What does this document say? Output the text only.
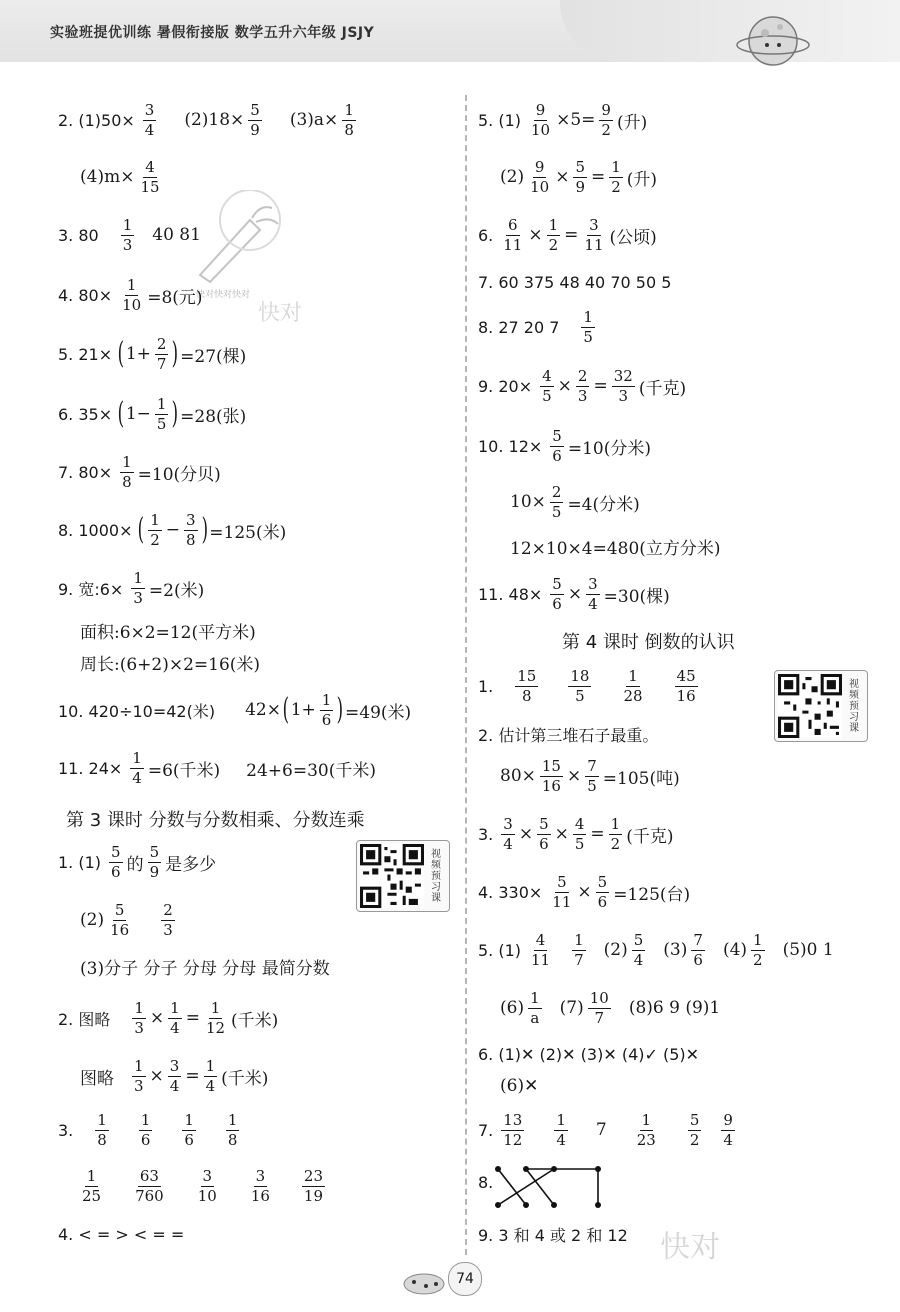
实验班提优训练 暑假衔接版 数学五升六年级 JSJY
2. $(1)50\times \frac{3}{4} (2)18\times \frac{5}{9} (3)a\times \frac{1}{8}$
$(4)m\times \frac{4}{15}$
3. $80 \frac{1}{3} 40$ 81
4. $80\times \frac{1}{10} =8$(元)
5. 21× ( $1+ \frac{2}{7}$ ) =27(棵)
6. 35× ( $1- \frac{1}{5}$ ) =28(张)
7. $80\times \frac{1}{8} =10$(分贝)
8. 1000× ( $\frac{1}{2} - \frac{3}{8}$ ) =125(米)
9. 宽:6× $\frac{1}{3} =2$(米)
面积:6×2=12(平方米)
周长:(6+2)×2=16(米)
10. 420÷10=42(米) 42× ( $1+ \frac{1}{6}$ ) =49(米)
11. $24\times \frac{1}{4} =6$(千米) 24+6=30(千米)
第 3 课时 分数与分数相乘、分数连乘
1. $(1) \frac{5}{6}$ 的 $\frac{5}{9}$ 是多少
视
频
预
习
课
$(2) \frac{5}{16} \frac{2}{3}$
(3)分子 分子 分母 分母 最简分数
2. 图略 $\frac{1}{3} \times \frac{1}{4} = \frac{1}{12}$ (千米)
图略 $\frac{1}{3} \times \frac{3}{4} = \frac{1}{4}$ (千米)
3. $\frac{1}{8} \frac{1}{6} \frac{1}{6} \frac{1}{8}$
$\frac{1}{25} \frac{63}{760} \frac{3}{10} \frac{3}{16} \frac{23}{19}$
4. < = > < = =
5. $(1) \frac{9}{10} \times 5= \frac{9}{2}$ (升)
$(2) \frac{9}{10} \times \frac{5}{9} = \frac{1}{2}$ (升)
6. $\frac{6}{11} \times \frac{1}{2} = \frac{3}{11}$ (公顷)
7. 60 375 48 40 70 50 5
8. 27 20 $7 \frac{1}{5}$
9. $20\times \frac{4}{5} \times \frac{2}{3} = \frac{32}{3}$ (千克)
10. $12\times \frac{5}{6} =10$(分米)
$10\times \frac{2}{5} =4$(分米)
12×10×4=480(立方分米)
11. $48\times \frac{5}{6} \times \frac{3}{4} =30$(棵)
第 4 课时 倒数的认识
1. $\frac{15}{8} \frac{18}{5} \frac{1}{28} \frac{45}{16}$	视
频
预
习
课
2. 估计第三堆石子最重。
$80\times \frac{15}{16} \times \frac{7}{5} =105$(吨)
3. $\frac{3}{4} \times \frac{5}{6} \times \frac{4}{5} = \frac{1}{2}$ (千克)
4. $330\times \frac{5}{11} \times \frac{5}{6} =125$(台)
5. $(1) \frac{4}{11} \frac{1}{7} (2) \frac{5}{4} (3) \frac{7}{6} (4) \frac{1}{2} (5)0$ 1
$(6) \frac{1}{a} (7) \frac{10}{7} (8)6$ 9 (9)1
6. (1)✕ (2)✕ (3)✕ (4)✓ (5)✕
(6)✕
7. $\frac{13}{12} \frac{1}{4} 7 \frac{1}{23} \frac{5}{2} \frac{9}{4}$
8.
9. 3 和 4 或 2 和 12
快对快对快对
快对
快对
74
